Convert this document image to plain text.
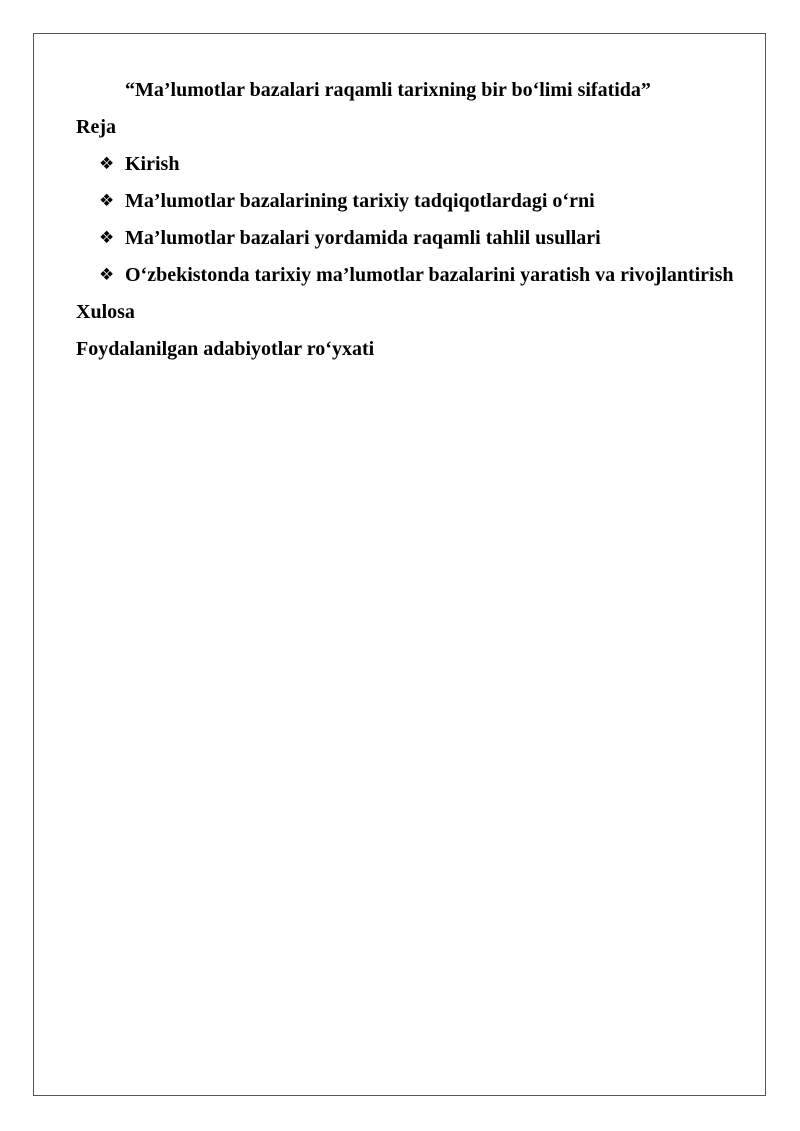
“Ma’lumotlar bazalari raqamli tarixning bir bo‘limi sifatida”

Reja

❖ Kirish
❖ Ma’lumotlar bazalarining tarixiy tadqiqotlardagi o‘rni
❖ Ma’lumotlar bazalari yordamida raqamli tahlil usullari
❖ O‘zbekistonda tarixiy ma’lumotlar bazalarini yaratish va rivojlantirish

Xulosa

Foydalanilgan adabiyotlar ro‘yxati
